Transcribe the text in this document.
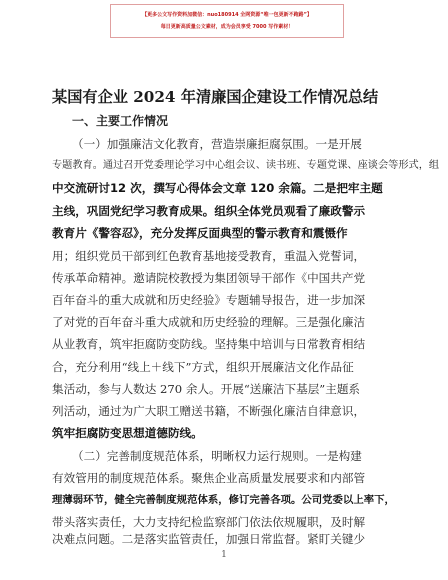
【更多公文写作资料加微信：nuo180914 全网资源“唯一包更新不跑路”】
每日更新高质量公文素材，成为会员享受 7000 写作素材！
某国有企业 2024 年清廉国企建设工作情况总结
一、主要工作情况
（一）加强廉洁文化教育，营造崇廉拒腐氛围。一是开展
专题教育。通过召开党委理论学习中心组会议、读书班、专题党课、座谈会等形式，组
中交流研讨12 次，撰写心得体会文章 120 余篇。二是把牢主题
主线，巩固党纪学习教育成果。组织全体党员观看了廉政警示
教育片《警容忍》，充分发挥反面典型的警示教育和震慑作
用；组织党员干部到红色教育基地接受教育，重温入党誓词，
传承革命精神。邀请院校教授为集团领导干部作《中国共产党
百年奋斗的重大成就和历史经验》专题辅导报告，进一步加深
了对党的百年奋斗重大成就和历史经验的理解。三是强化廉洁
从业教育，筑牢拒腐防变防线。坚持集中培训与日常教育相结
合，充分利用“线上＋线下”方式，组织开展廉洁文化作品征
集活动，参与人数达 270 余人。开展“送廉洁下基层”主题系
列活动，通过为广大职工赠送书籍，不断强化廉洁自律意识，
筑牢拒腐防变思想道德防线。
（二）完善制度规范体系，明晰权力运行规则。一是构建
有效管用的制度规范体系。聚焦企业高质量发展要求和内部管
理薄弱环节，健全完善制度规范体系，修订完善各项。公司党委以上率下，
带头落实责任，大力支持纪检监察部门依法依规履职，及时解
决难点问题。二是落实监管责任，加强日常监督。紧盯关键少
1
